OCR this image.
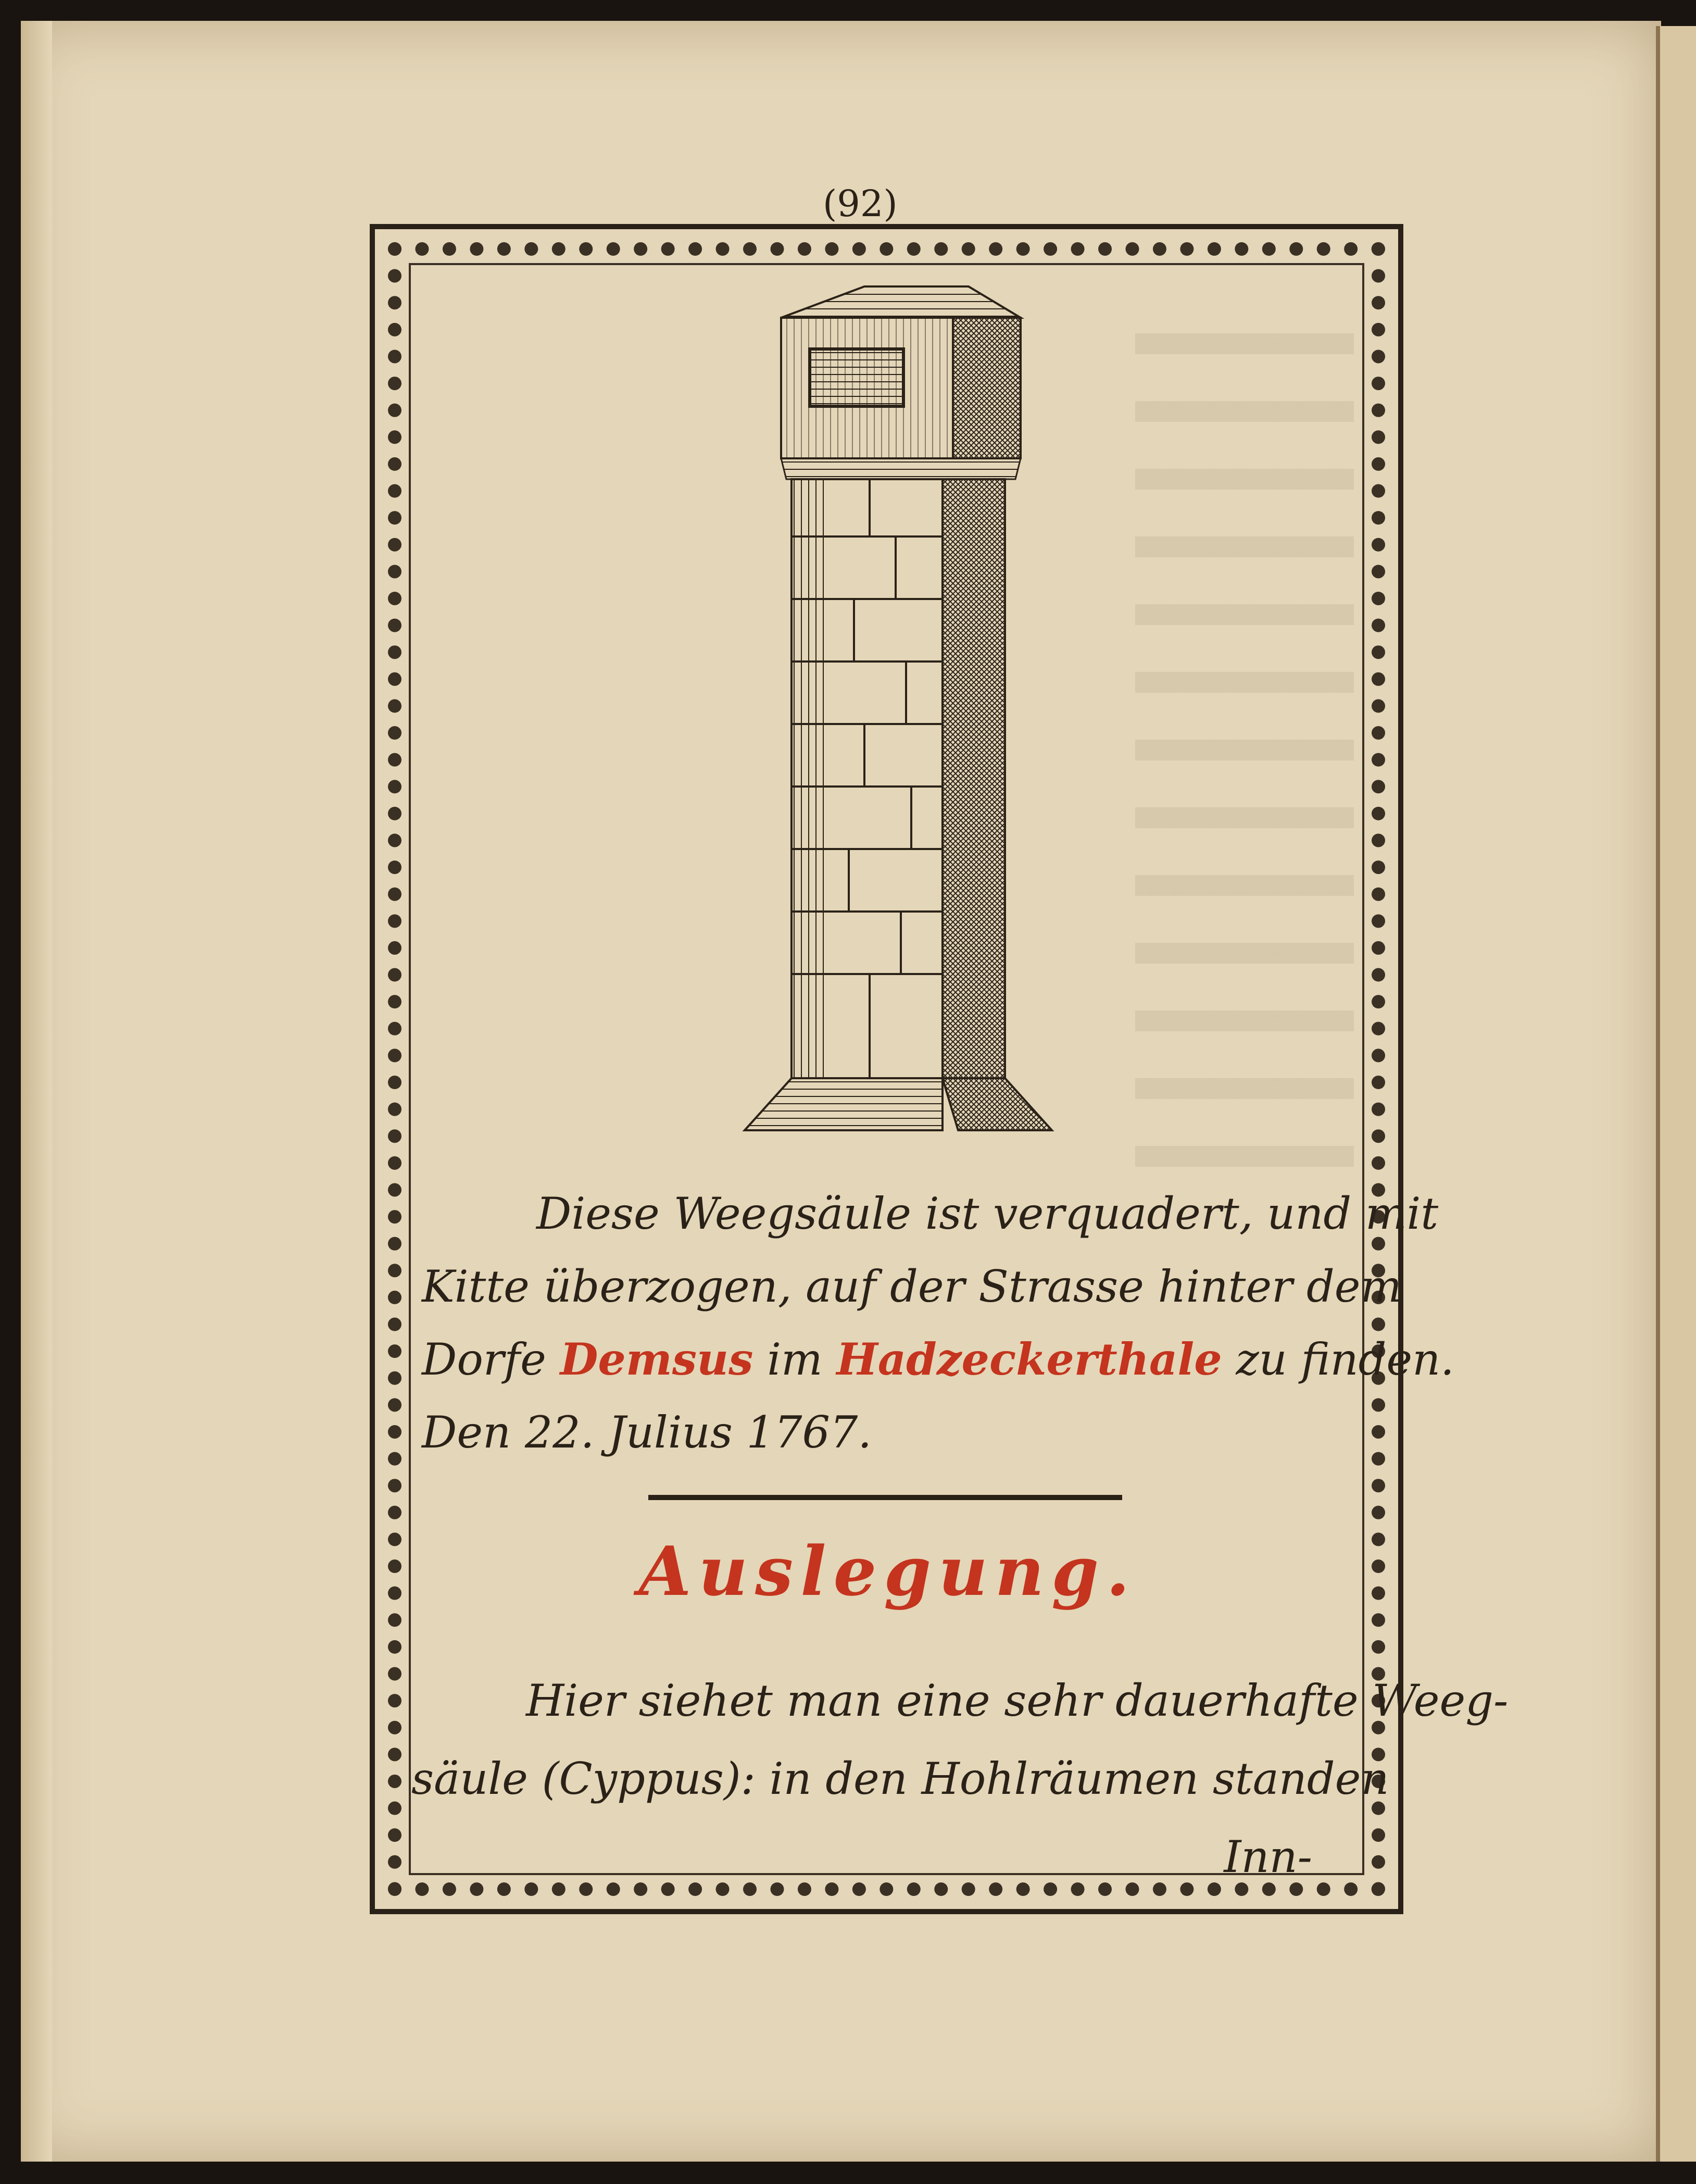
(92)
Diese Weegsäule ist verquadert, und mit
Kitte überzogen, auf der Strasse hinter dem
Dorfe Demsus im Hadzeckerthale zu finden.
Den 22. Julius 1767.
Auslegung.
Hier siehet man eine sehr dauerhafte Weeg-
säule (Cyppus): in den Hohlräumen standen
Inn-
